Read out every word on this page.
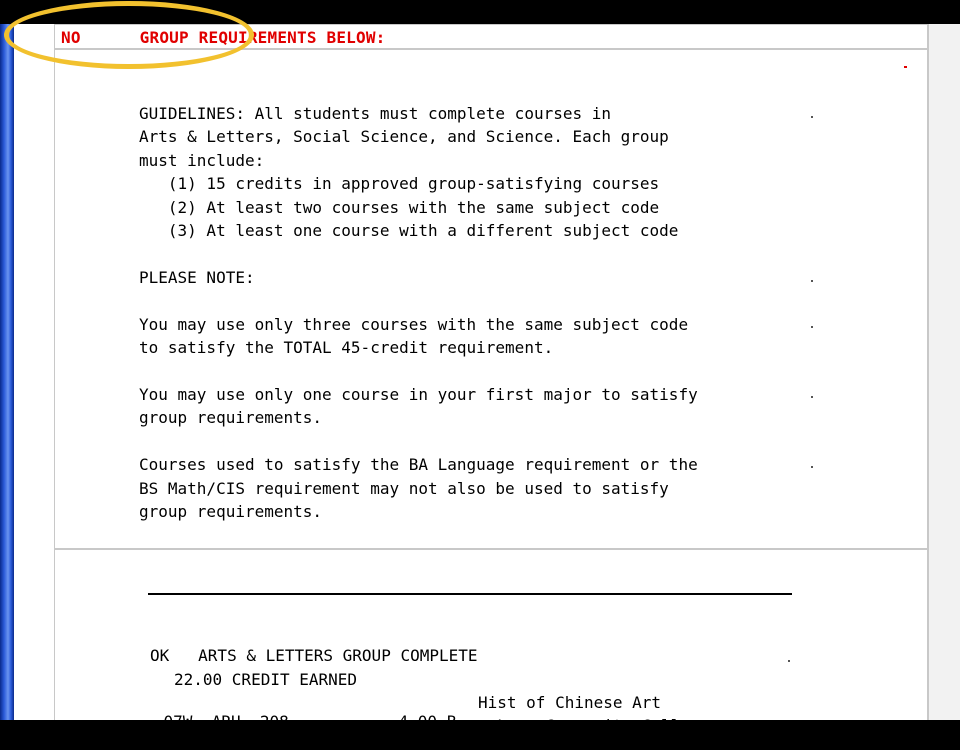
NO	GROUP REQUIREMENTS BELOW:
GUIDELINES: All students must complete courses in
Arts & Letters, Social Science, and Science. Each group
must include:
(1) 15 credits in approved group-satisfying courses
(2) At least two courses with the same subject code
(3) At least one course with a different subject code

PLEASE NOTE:

You may use only three courses with the same subject code
to satisfy the TOTAL 45-credit requirement.

You may use only one course in your first major to satisfy
group requirements.

Courses used to satisfy the BA Language requirement or the
BS Math/CIS requirement may not also be used to satisfy
group requirements.

OK   ARTS & LETTERS GROUP COMPLETE

22.00 CREDIT EARNED

07W ARH 208
	4.00 B

Hist of Chinese Art
@ Lane Community College
